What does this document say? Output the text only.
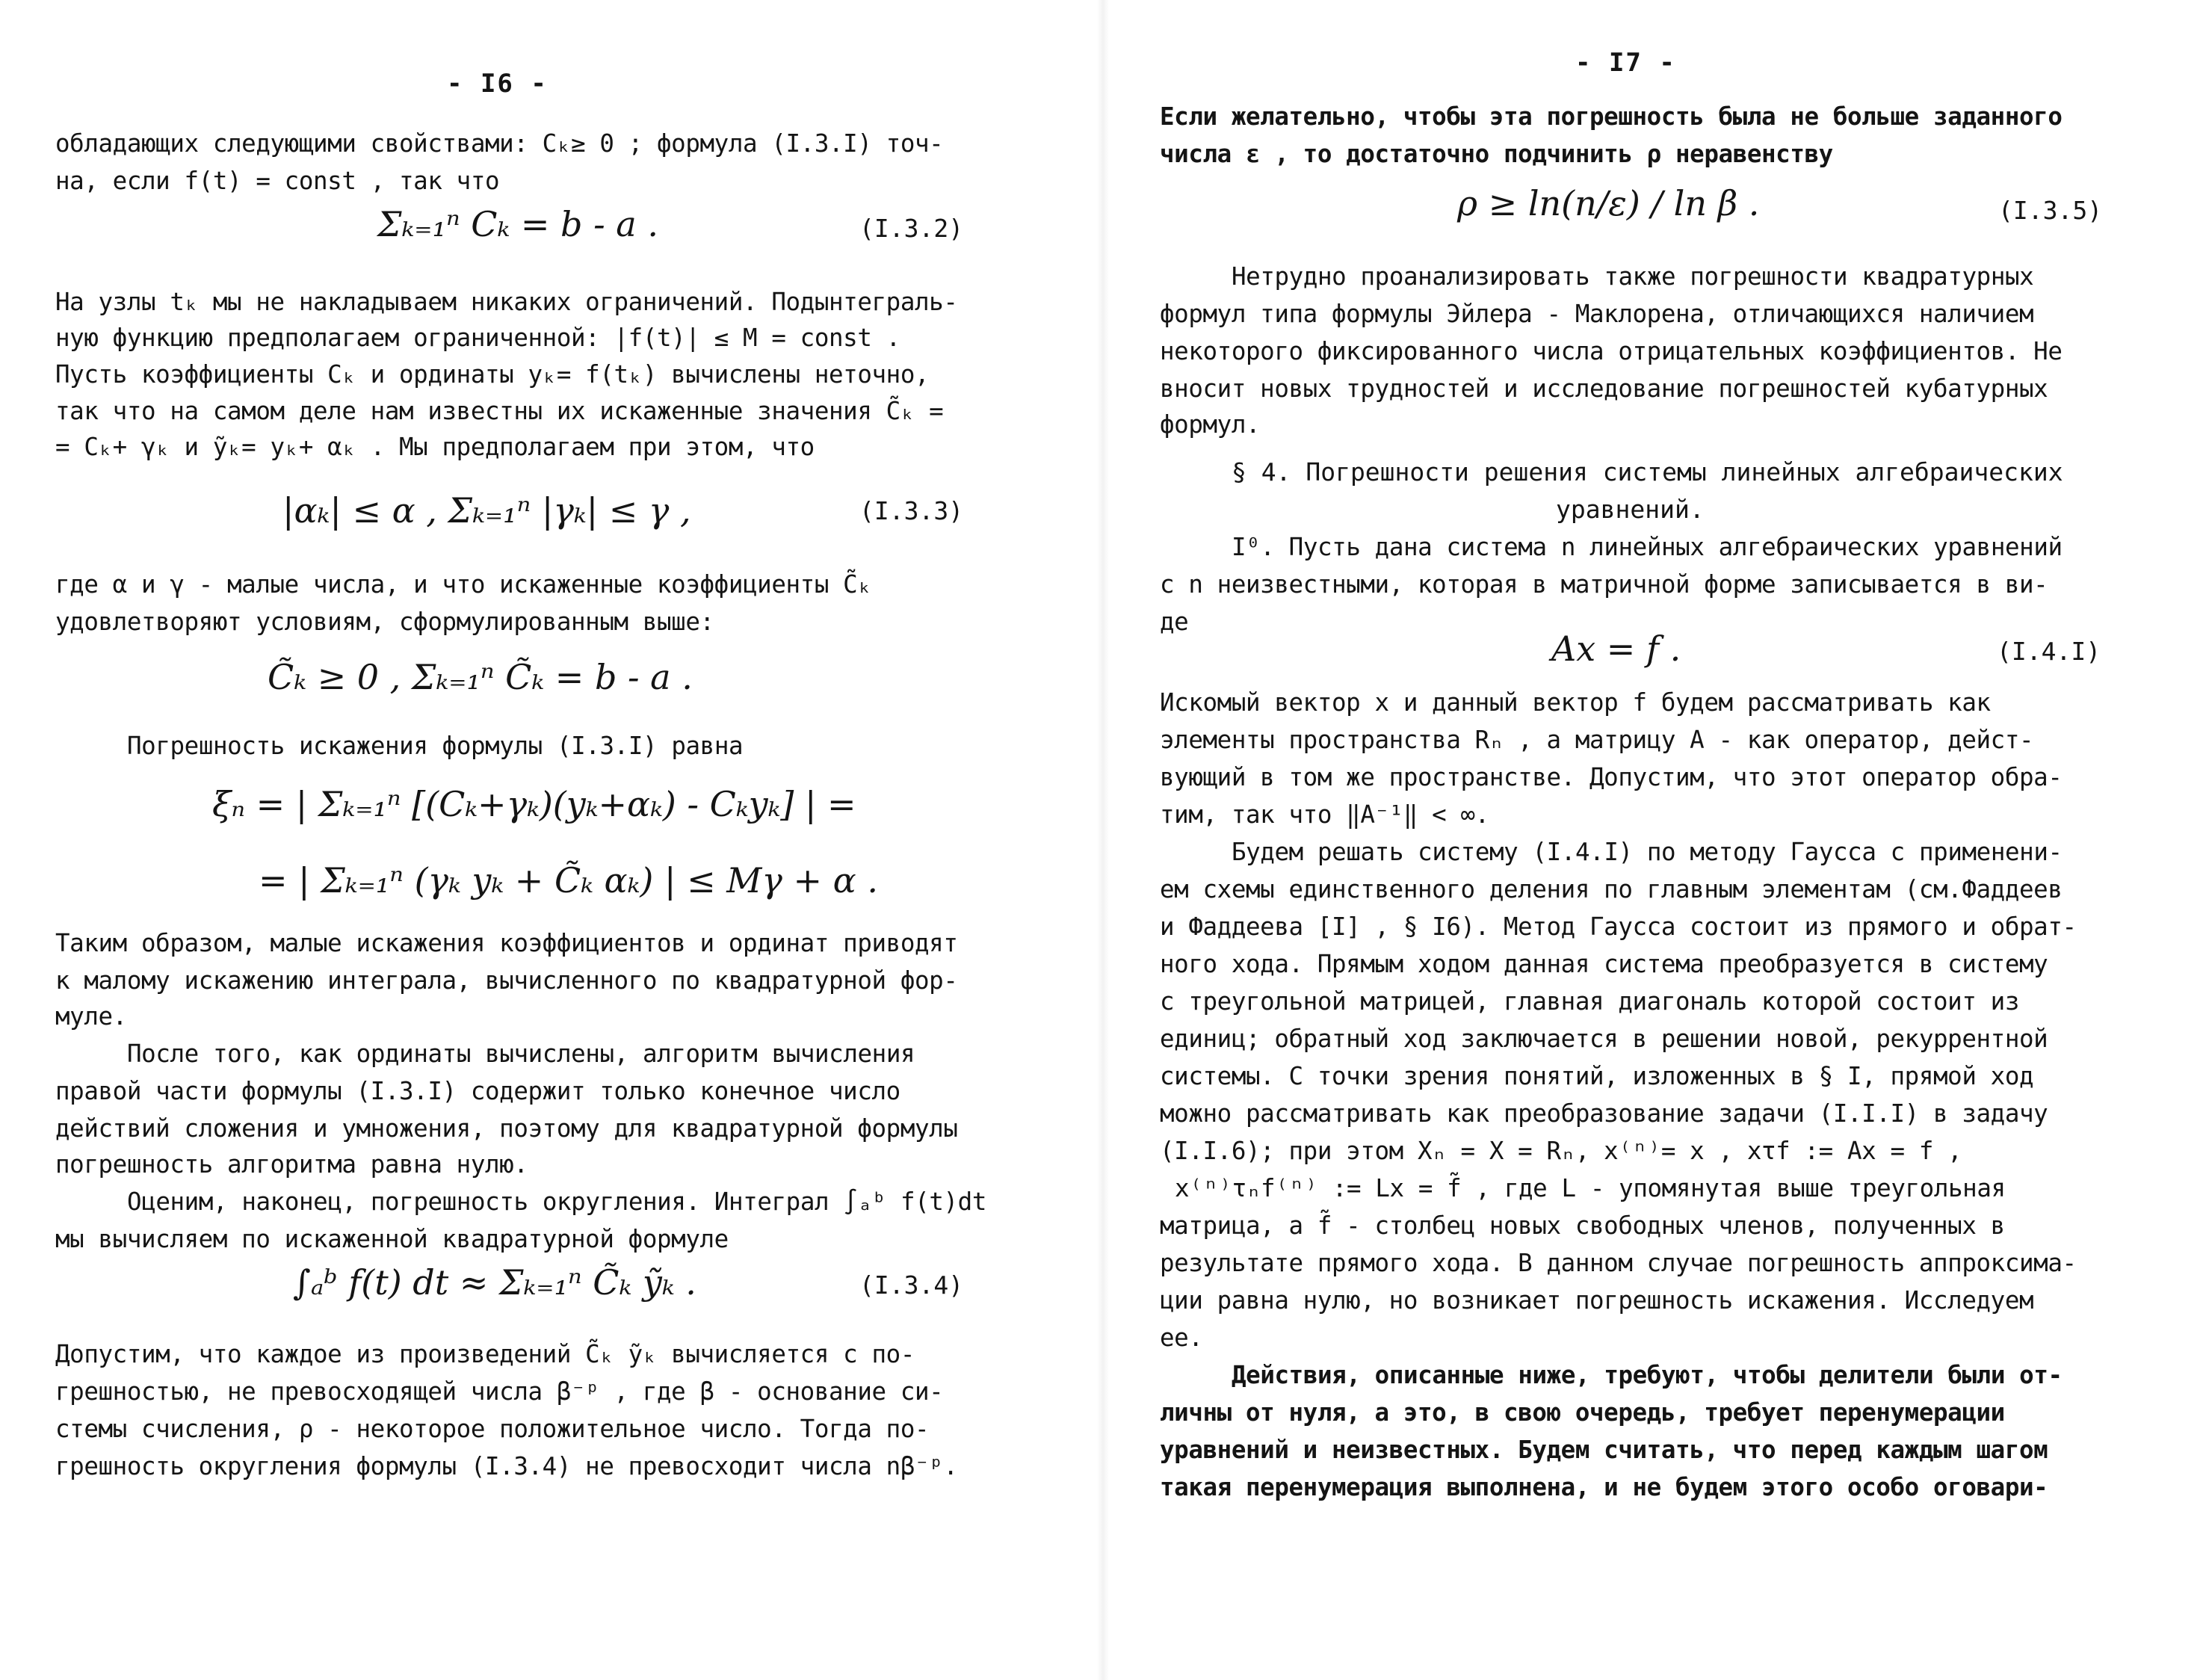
- I6 -
обладающих следующими свойствами: Cₖ≥ 0 ; формула (I.3.I) точ-
на, если f(t) = const , так что
Σₖ₌₁ⁿ Cₖ = b - a .	(I.3.2)
На узлы tₖ мы не накладываем никаких ограничений. Подынтеграль-
ную функцию предполагаем ограниченной: |f(t)| ≤ M = const .
Пусть коэффициенты Cₖ и ординаты yₖ= f(tₖ) вычислены неточно,
так что на самом деле нам известны их искаженные значения C̃ₖ =
= Cₖ+ γₖ и ỹₖ= yₖ+ αₖ . Мы предполагаем при этом, что
|αₖ| ≤ α , Σₖ₌₁ⁿ |γₖ| ≤ γ ,	(I.3.3)
где α и γ - малые числа, и что искаженные коэффициенты C̃ₖ
удовлетворяют условиям, сформулированным выше:
C̃ₖ ≥ 0 , Σₖ₌₁ⁿ C̃ₖ = b - a .
Погрешность искажения формулы (I.3.I) равна
ξₙ = | Σₖ₌₁ⁿ [(Cₖ+γₖ)(yₖ+αₖ) - Cₖyₖ] | =
= | Σₖ₌₁ⁿ (γₖ yₖ + C̃ₖ αₖ) | ≤ Mγ + α .
Таким образом, малые искажения коэффициентов и ординат приводят
к малому искажению интеграла, вычисленного по квадратурной фор-
муле.
После того, как ординаты вычислены, алгоритм вычисления
правой части формулы (I.3.I) содержит только конечное число
действий сложения и умножения, поэтому для квадратурной формулы
погрешность алгоритма равна нулю.
Оценим, наконец, погрешность округления. Интеграл ∫ₐᵇ f(t)dt
мы вычисляем по искаженной квадратурной формуле
∫ₐᵇ f(t) dt ≈ Σₖ₌₁ⁿ C̃ₖ ỹₖ .	(I.3.4)
Допустим, что каждое из произведений C̃ₖ ỹₖ вычисляется с по-
грешностью, не превосходящей числа β⁻ᵖ , где β - основание си-
стемы счисления, ρ - некоторое положительное число. Тогда по-
грешность округления формулы (I.3.4) не превосходит числа nβ⁻ᵖ.
- I7 -
Если желательно, чтобы эта погрешность была не больше заданного
числа ε , то достаточно подчинить ρ неравенству
ρ ≥ ln(n/ε) / ln β .	(I.3.5)
Нетрудно проанализировать также погрешности квадратурных
формул типа формулы Эйлера - Маклорена, отличающихся наличием
некоторого фиксированного числа отрицательных коэффициентов. Не
вносит новых трудностей и исследование погрешностей кубатурных
формул.
§ 4. Погрешности решения системы линейных алгебраических
уравнений.
I⁰. Пусть дана система n линейных алгебраических уравнений
с n неизвестными, которая в матричной форме записывается в ви-
де
Ax = f .	(I.4.I)
Искомый вектор x и данный вектор f будем рассматривать как
элементы пространства Rₙ , а матрицу A - как оператор, дейст-
вующий в том же пространстве. Допустим, что этот оператор обра-
тим, так что ‖A⁻¹‖ < ∞.
Будем решать систему (I.4.I) по методу Гаусса с применени-
ем схемы единственного деления по главным элементам (см.Фаддеев
и Фаддеева [I] , § I6). Метод Гаусса состоит из прямого и обрат-
ного хода. Прямым ходом данная система преобразуется в систему
с треугольной матрицей, главная диагональ которой состоит из
единиц; обратный ход заключается в решении новой, рекуррентной
системы. С точки зрения понятий, изложенных в § I, прямой ход
можно рассматривать как преобразование задачи (I.I.I) в задачу
(I.I.6); при этом Xₙ = X = Rₙ, x⁽ⁿ⁾= x , xτf := Ax = f ,
x⁽ⁿ⁾τₙf⁽ⁿ⁾ := Lx = f̃ , где L - упомянутая выше треугольная
матрица, а f̃ - столбец новых свободных членов, полученных в
результате прямого хода. В данном случае погрешность аппроксима-
ции равна нулю, но возникает погрешность искажения. Исследуем
ее.
Действия, описанные ниже, требуют, чтобы делители были от-
личны от нуля, а это, в свою очередь, требует перенумерации
уравнений и неизвестных. Будем считать, что перед каждым шагом
такая перенумерация выполнена, и не будем этого особо оговари-
